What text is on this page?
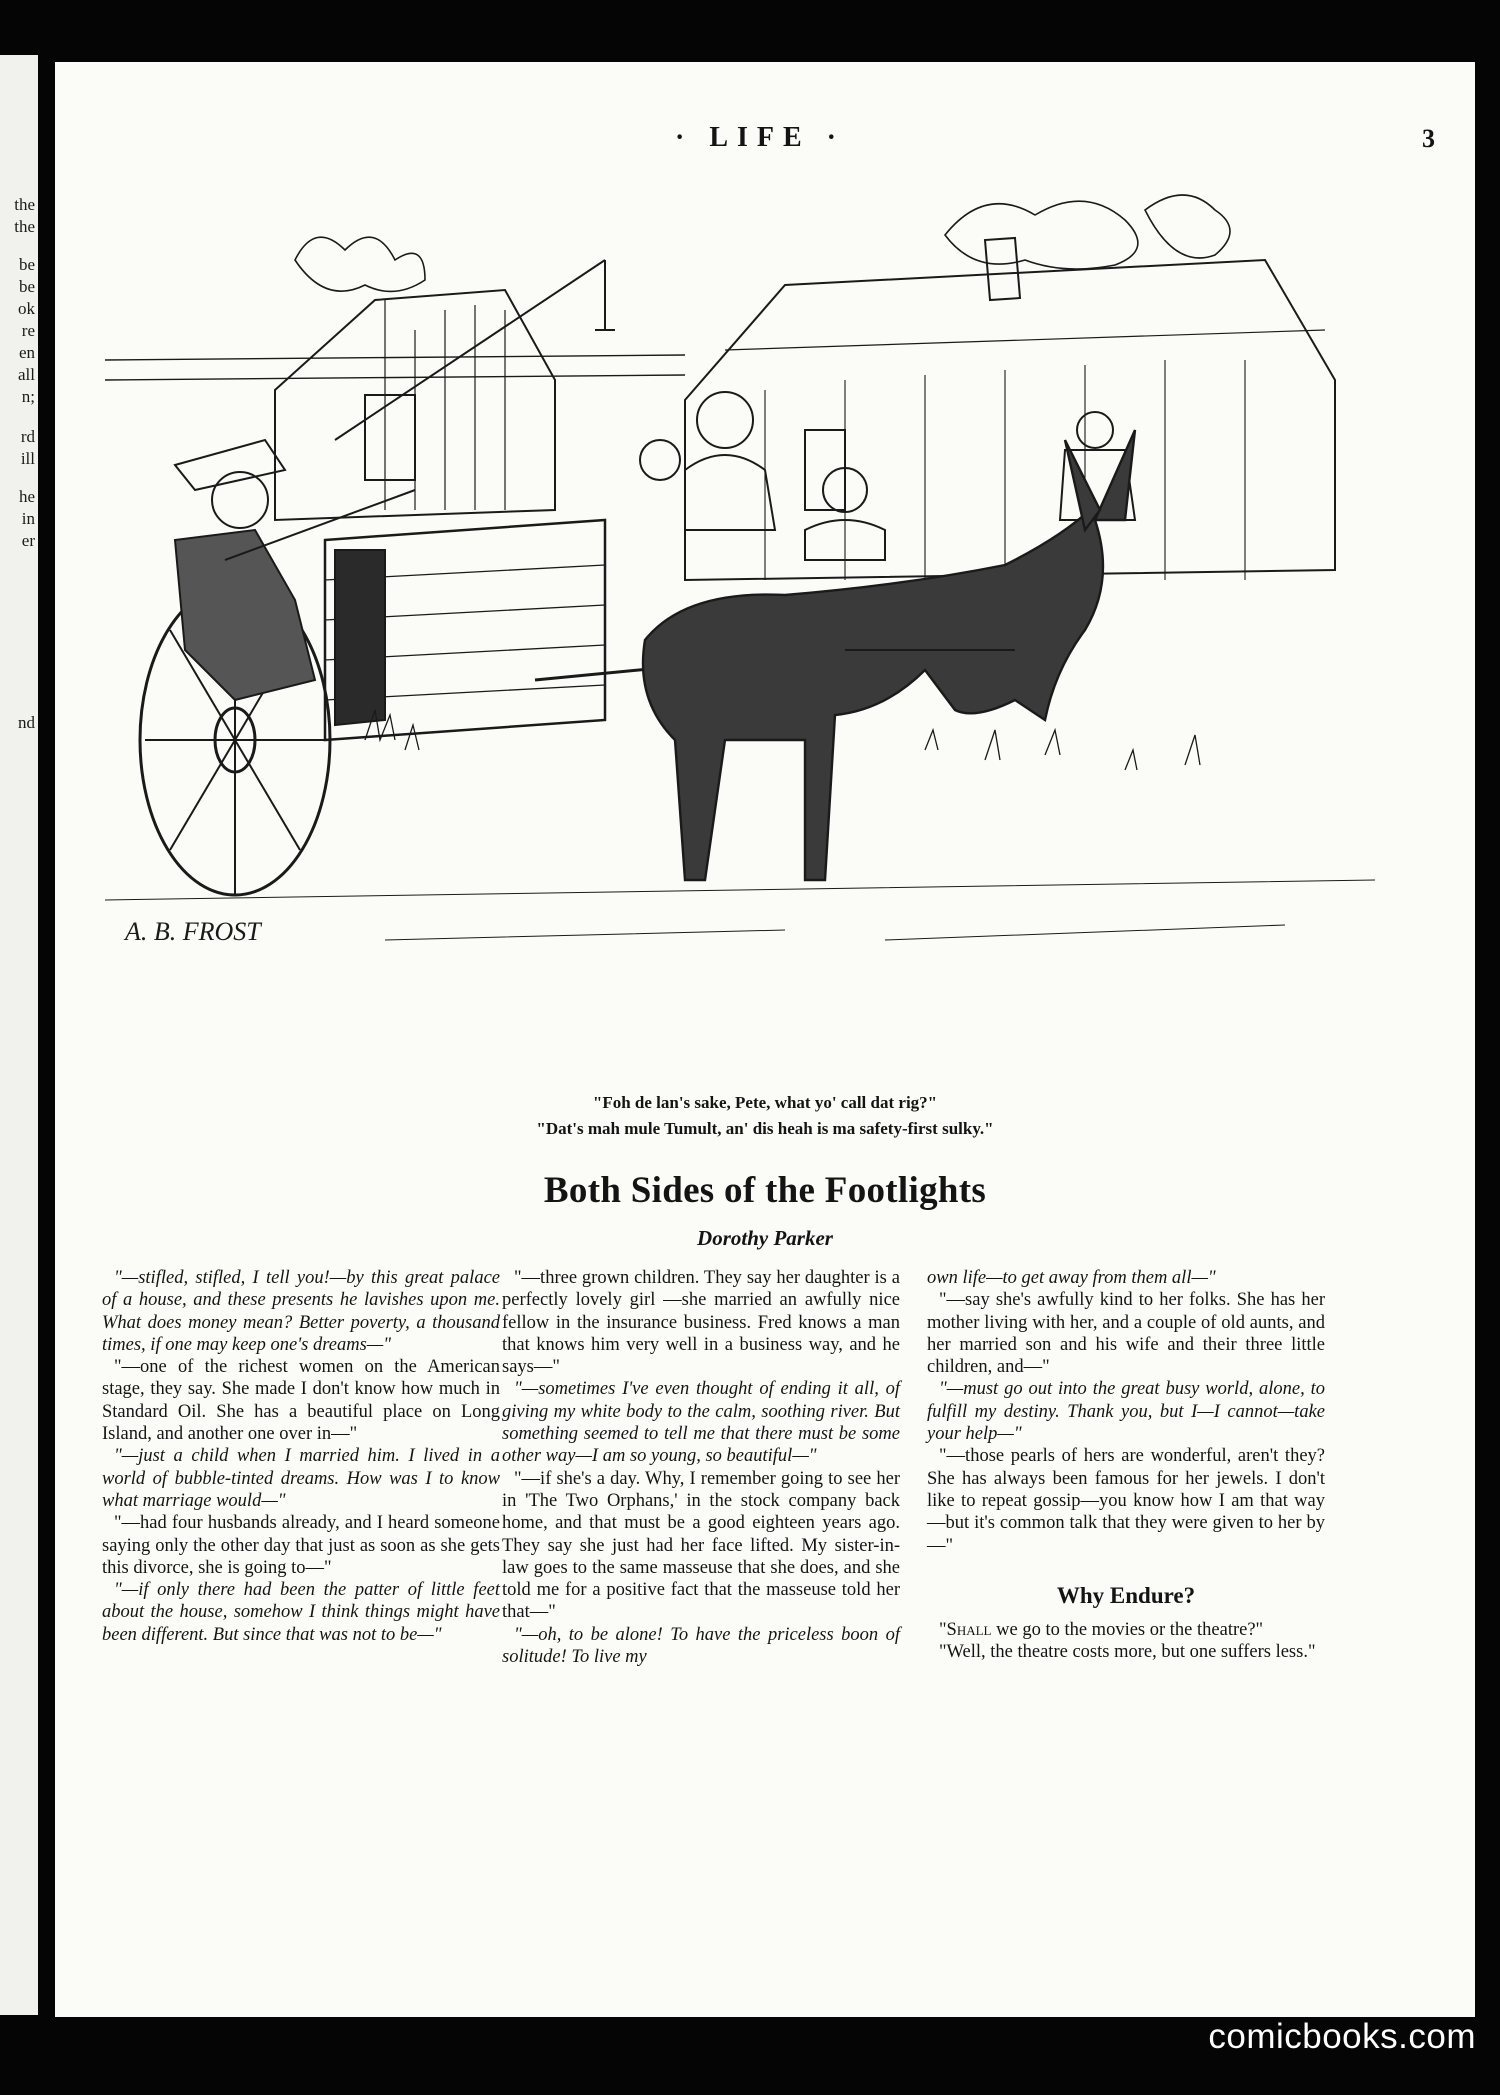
the
the
be
be
ok
re
en
all
n;
rd
ill
he
in
er
nd
· LIFE ·	3
A. B. FROST
"Foh de lan's sake, Pete, what yo' call dat rig?"
"Dat's mah mule Tumult, an' dis heah is ma safety-first sulky."
Both Sides of the Footlights
Dorothy Parker

"—stifled, stifled, I tell you!—by this great palace of a house, and these presents he lavishes upon me. What does money mean? Better poverty, a thousand times, if one may keep one's dreams—"

"—one of the richest women on the American stage, they say. She made I don't know how much in Standard Oil. She has a beautiful place on Long Island, and another one over in—"

"—just a child when I married him. I lived in a world of bubble-tinted dreams. How was I to know what marriage would—"

"—had four husbands already, and I heard someone saying only the other day that just as soon as she gets this divorce, she is going to—"

"—if only there had been the patter of little feet about the house, somehow I think things might have been different. But since that was not to be—"

"—three grown children. They say her daughter is a perfectly lovely girl —she married an awfully nice fellow in the insurance business. Fred knows a man that knows him very well in a business way, and he says—"

"—sometimes I've even thought of ending it all, of giving my white body to the calm, soothing river. But something seemed to tell me that there must be some other way—I am so young, so beautiful—"

"—if she's a day. Why, I remember going to see her in 'The Two Orphans,' in the stock company back home, and that must be a good eighteen years ago. They say she just had her face lifted. My sister-in-law goes to the same masseuse that she does, and she told me for a positive fact that the masseuse told her that—"

"—oh, to be alone! To have the priceless boon of solitude! To live my

own life—to get away from them all—"

"—say she's awfully kind to her folks. She has her mother living with her, and a couple of old aunts, and her married son and his wife and their three little children, and—"

"—must go out into the great busy world, alone, to fulfill my destiny. Thank you, but I—I cannot—take your help—"

"—those pearls of hers are wonderful, aren't they? She has always been famous for her jewels. I don't like to repeat gossip—you know how I am that way—but it's common talk that they were given to her by—"

Why Endure?

"Shall we go to the movies or the theatre?"

"Well, the theatre costs more, but one suffers less."

comicbooks.com
